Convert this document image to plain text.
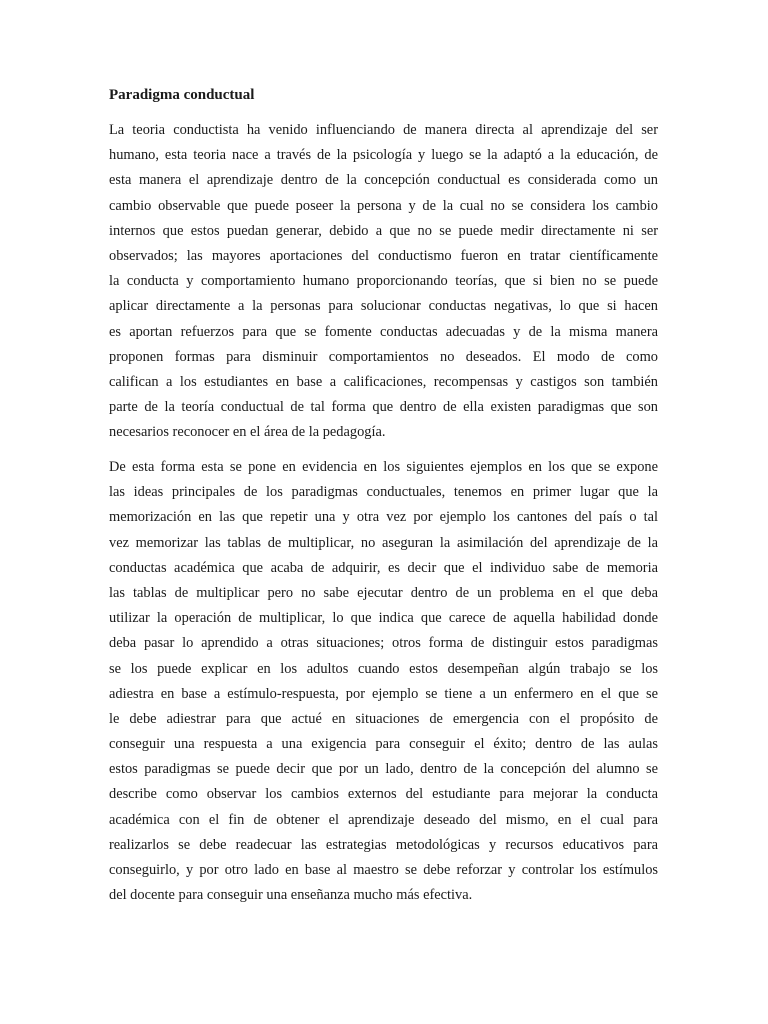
Paradigma conductual
La teoria conductista ha venido influenciando de manera directa al aprendizaje del ser
humano, esta teoria nace a través de la psicología y luego se la adaptó a la educación, de
esta manera el aprendizaje dentro de la concepción conductual es considerada como un
cambio observable que puede poseer la persona y de la cual no se considera los cambio
internos que estos puedan generar, debido a que no se puede medir directamente ni ser
observados; las mayores aportaciones del conductismo fueron en tratar científicamente
la conducta y comportamiento humano proporcionando teorías, que si bien no se puede
aplicar directamente a la personas para solucionar conductas negativas, lo que si hacen
es aportan refuerzos para que se fomente conductas adecuadas y de la misma manera
proponen formas para disminuir comportamientos no deseados. El modo de como
califican a los estudiantes en base a calificaciones, recompensas y castigos son también
parte de la teoría conductual de tal forma que dentro de ella existen paradigmas que son
necesarios reconocer en el área de la pedagogía.
De esta forma esta se pone en evidencia en los siguientes ejemplos en los que se expone
las ideas principales de los paradigmas conductuales, tenemos en primer lugar que la
memorización en las que repetir una y otra vez por ejemplo los cantones del país o tal
vez memorizar las tablas de multiplicar, no aseguran la asimilación del aprendizaje de la
conductas académica que acaba de adquirir, es decir que el individuo sabe de memoria
las tablas de multiplicar pero no sabe ejecutar dentro de un problema en el que deba
utilizar la operación de multiplicar, lo que indica que carece de aquella habilidad donde
deba pasar lo aprendido a otras situaciones; otros forma de distinguir estos paradigmas
se los puede explicar en los adultos cuando estos desempeñan algún trabajo se los
adiestra en base a estímulo-respuesta, por ejemplo se tiene a un enfermero en el que se
le debe adiestrar para que actué en situaciones de emergencia con el propósito de
conseguir una respuesta a una exigencia para conseguir el éxito; dentro de las aulas
estos paradigmas se puede decir que por un lado, dentro de la concepción del alumno se
describe como observar los cambios externos del estudiante para mejorar la conducta
académica con el fin de obtener el aprendizaje deseado del mismo, en el cual para
realizarlos se debe readecuar las estrategias metodológicas y recursos educativos para
conseguirlo, y por otro lado en base al maestro se debe reforzar y controlar los estímulos
del docente para conseguir una enseñanza mucho más efectiva.
